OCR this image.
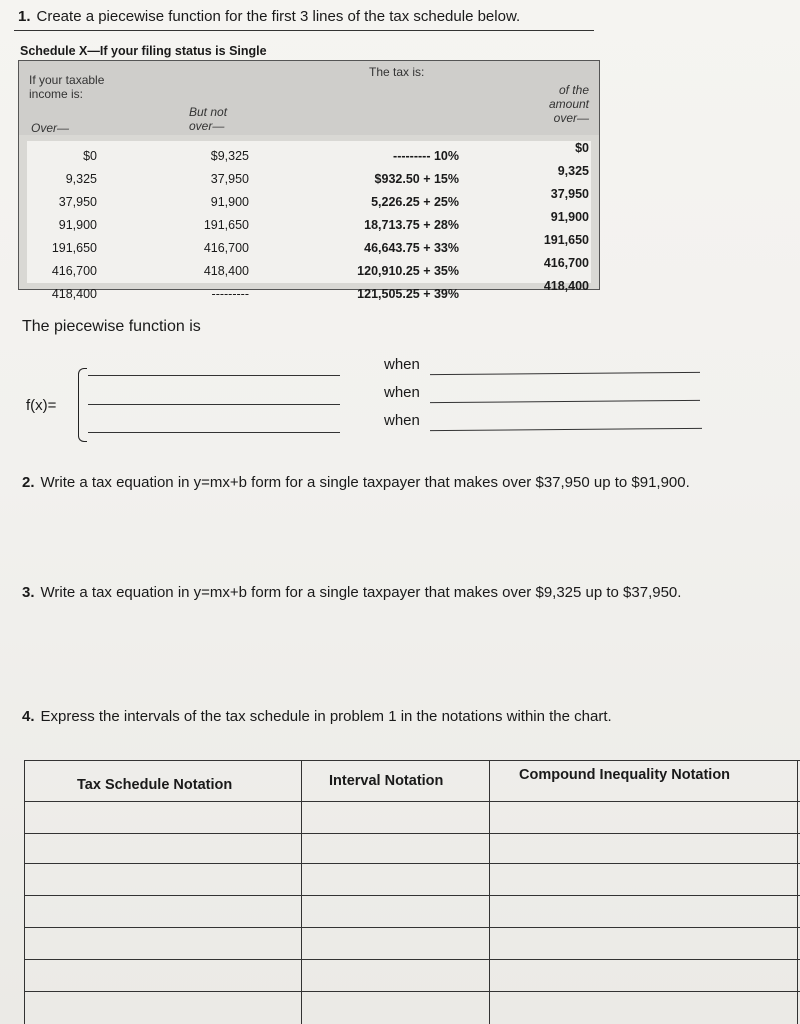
1. Create a piecewise function for the first 3 lines of the tax schedule below.
Schedule X—If your filing status is Single
If your taxable
income is:
The tax is:
of the
amount
over—
But not
over—
Over—
$0
9,325
37,950
91,900
191,650
416,700
418,400
$9,325
37,950
91,900
191,650
416,700
418,400
---------
--------- 10%
$932.50 + 15%
5,226.25 + 25%
18,713.75 + 28%
46,643.75 + 33%
120,910.25 + 35%
121,505.25 + 39%
$0
9,325
37,950
91,900
191,650
416,700
418,400
The piecewise function is
f(x)=
when
when
when
2. Write a tax equation in y=mx+b form for a single taxpayer that makes over $37,950 up to $91,900.
3. Write a tax equation in y=mx+b form for a single taxpayer that makes over $9,325 up to $37,950.
4. Express the intervals of the tax schedule in problem 1 in the notations within the chart.
Tax Schedule Notation	Interval Notation	Compound Inequality Notation
